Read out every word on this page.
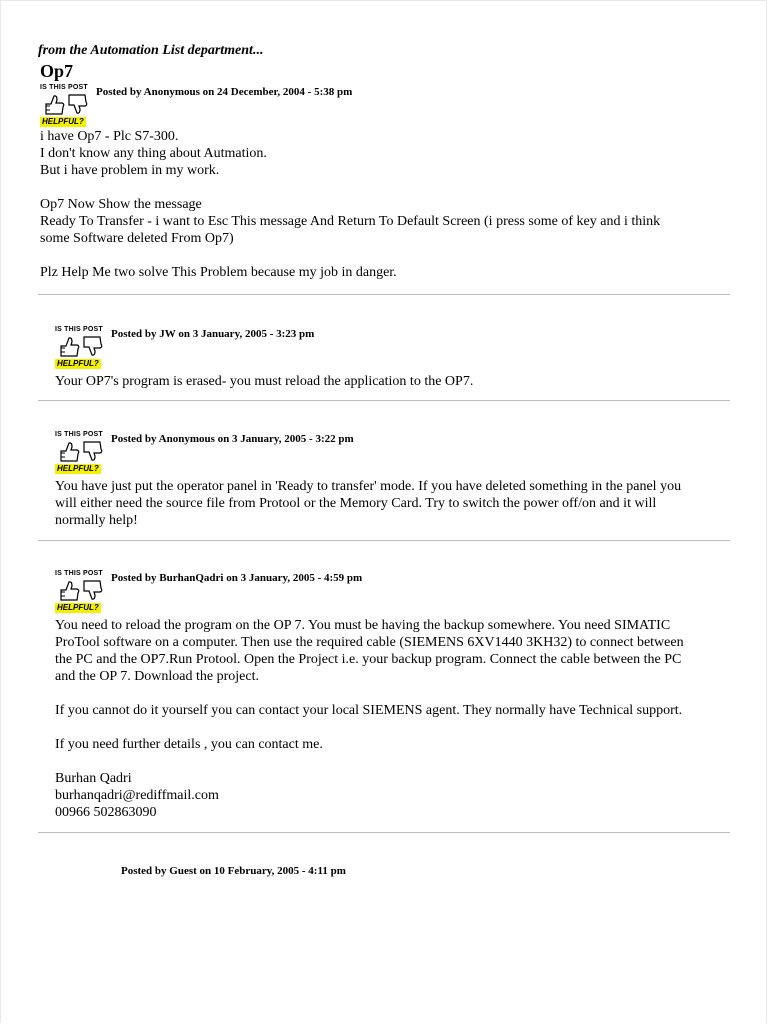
from the Automation List department...
Op7
IS THIS POST
HELPFUL?
Posted by Anonymous on 24 December, 2004 - 5:38 pm

i have Op7 - Plc S7-300.

I don't know any thing about Autmation.

But i have problem in my work.

Op7 Now Show the message

Ready To Transfer - i want to Esc This message And Return To Default Screen (i press some of key and i think

some Software deleted From Op7)

Plz Help Me two solve This Problem because my job in danger.

IS THIS POST
HELPFUL?
Posted by JW on 3 January, 2005 - 3:23 pm

Your OP7's program is erased- you must reload the application to the OP7.

IS THIS POST
HELPFUL?
Posted by Anonymous on 3 January, 2005 - 3:22 pm

You have just put the operator panel in 'Ready to transfer' mode. If you have deleted something in the panel you

will either need the source file from Protool or the Memory Card. Try to switch the power off/on and it will

normally help!

IS THIS POST
HELPFUL?
Posted by BurhanQadri on 3 January, 2005 - 4:59 pm

You need to reload the program on the OP 7. You must be having the backup somewhere. You need SIMATIC

ProTool software on a computer. Then use the required cable (SIEMENS 6XV1440 3KH32) to connect between

the PC and the OP7.Run Protool. Open the Project i.e. your backup program. Connect the cable between the PC

and the OP 7. Download the project.

If you cannot do it yourself you can contact your local SIEMENS agent. They normally have Technical support.

If you need further details , you can contact me.

Burhan Qadri

burhanqadri@rediffmail.com

00966 502863090

Posted by Guest on 10 February, 2005 - 4:11 pm
